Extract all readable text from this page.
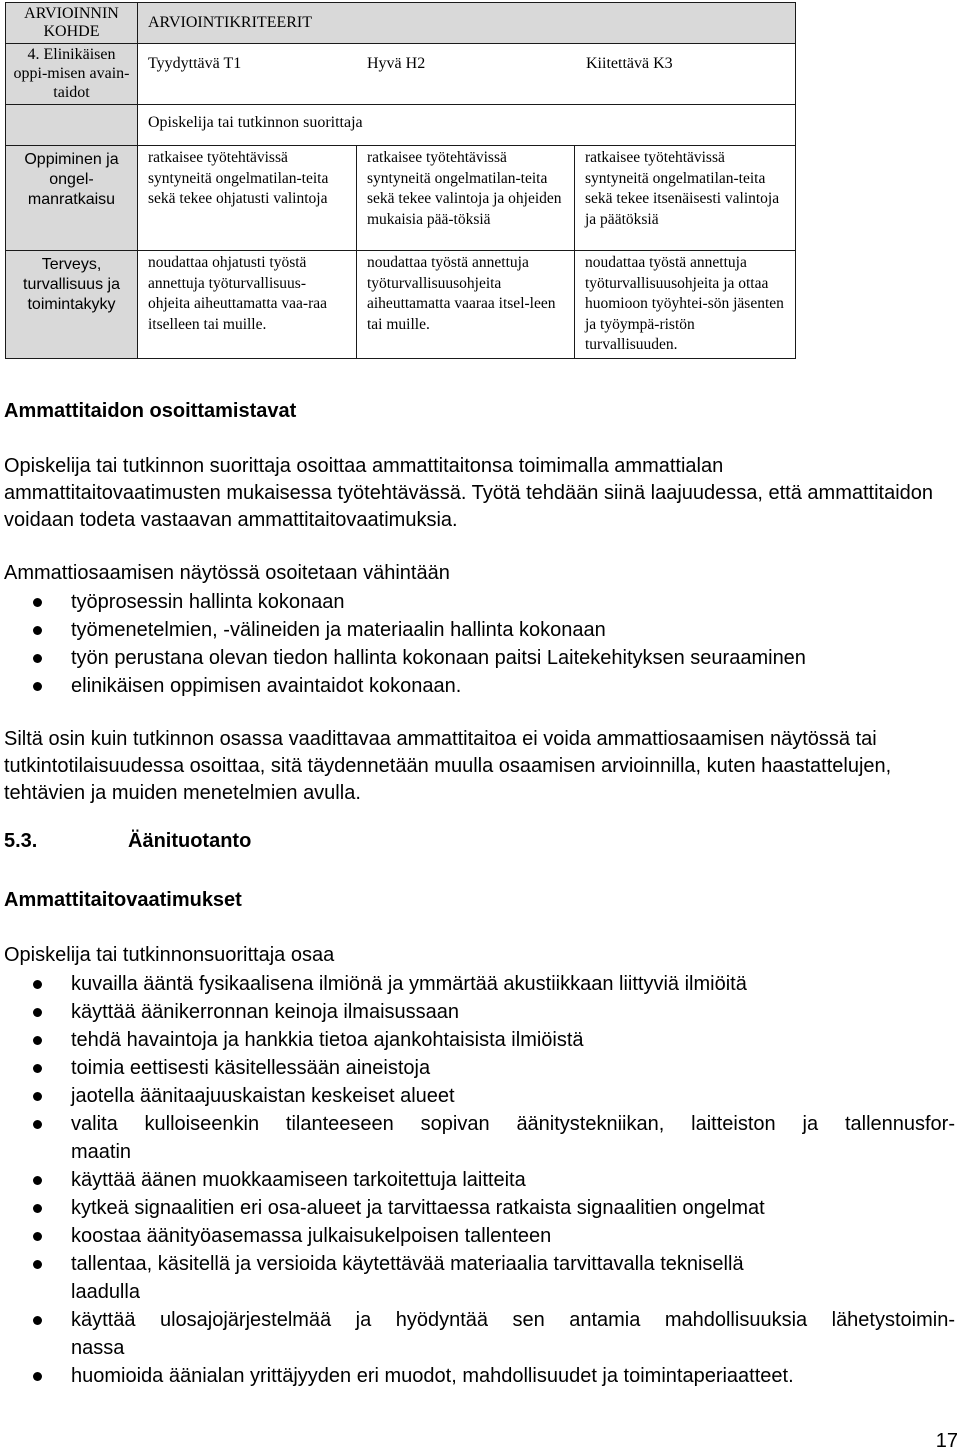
ARVIOINNIN KOHDE	ARVIOINTIKRITEERIT		
4. Elinikäisen oppi-misen avain-taidot	Tyydyttävä T1 Hyvä H2 Kiitettävä K3		

	Opiskelija tai tutkinnon suorittaja		
Oppiminen ja ongel-manratkaisu	ratkaisee työtehtävissä syntyneitä ongelmatilan-teita sekä tekee ohjatusti valintoja	ratkaisee työtehtävissä syntyneitä ongelmatilan-teita sekä tekee valintoja ja ohjeiden mukaisia pää-töksiä	ratkaisee työtehtävissä syntyneitä ongelmatilan-teita sekä tekee itsenäisesti valintoja ja päätöksiä
Terveys, turvallisuus ja toimintakyky	noudattaa ohjatusti työstä annettuja työturvallisuus-ohjeita aiheuttamatta vaa-raa itselleen tai muille.	noudattaa työstä annettuja työturvallisuusohjeita aiheuttamatta vaaraa itsel-leen tai muille.	noudattaa työstä annettuja työturvallisuusohjeita ja ottaa huomioon työyhtei-sön jäsenten ja työympä-ristön turvallisuuden.
Ammattitaidon osoittamistavat

Opiskelija tai tutkinnon suorittaja osoittaa ammattitaitonsa toimimalla ammattialan ammattitaitovaatimusten mukaisessa työtehtävässä. Työtä tehdään siinä laajuudessa, että ammattitaidon voidaan todeta vastaavan ammattitaitovaatimuksia.

Ammattiosaamisen näytössä osoitetaan vähintään

työprosessin hallinta kokonaan
työmenetelmien, -välineiden ja materiaalin hallinta kokonaan
työn perustana olevan tiedon hallinta kokonaan paitsi Laitekehityksen seuraaminen
elinikäisen oppimisen avaintaidot kokonaan.

Siltä osin kuin tutkinnon osassa vaadittavaa ammattitaitoa ei voida ammattiosaamisen näytössä tai tutkintotilaisuudessa osoittaa, sitä täydennetään muulla osaamisen arvioinnilla, kuten haastattelujen, tehtävien ja muiden menetelmien avulla.

5.3.	Äänituotanto
Ammattitaitovaatimukset

Opiskelija tai tutkinnonsuorittaja osaa

kuvailla ääntä fysikaalisena ilmiönä ja ymmärtää akustiikkaan liittyviä ilmiöitä
käyttää äänikerronnan keinoja ilmaisussaan
tehdä havaintoja ja hankkia tietoa ajankohtaisista ilmiöistä
toimia eettisesti käsitellessään aineistoja
jaotella äänitaajuuskaistan keskeiset alueet
valita kulloiseenkin tilanteeseen sopivan äänitystekniikan, laitteiston ja tallennusfor-
maatin
käyttää äänen muokkaamiseen tarkoitettuja laitteita
kytkeä signaalitien eri osa-alueet ja tarvittaessa ratkaista signaalitien ongelmat
koostaa äänityöasemassa julkaisukelpoisen tallenteen
tallentaa, käsitellä ja versioida käytettävää materiaalia tarvittavalla teknisellä
laadulla
käyttää ulosajojärjestelmää ja hyödyntää sen antamia mahdollisuuksia lähetystoimin-
nassa
huomioida äänialan yrittäjyyden eri muodot, mahdollisuudet ja toimintaperiaatteet.
17
